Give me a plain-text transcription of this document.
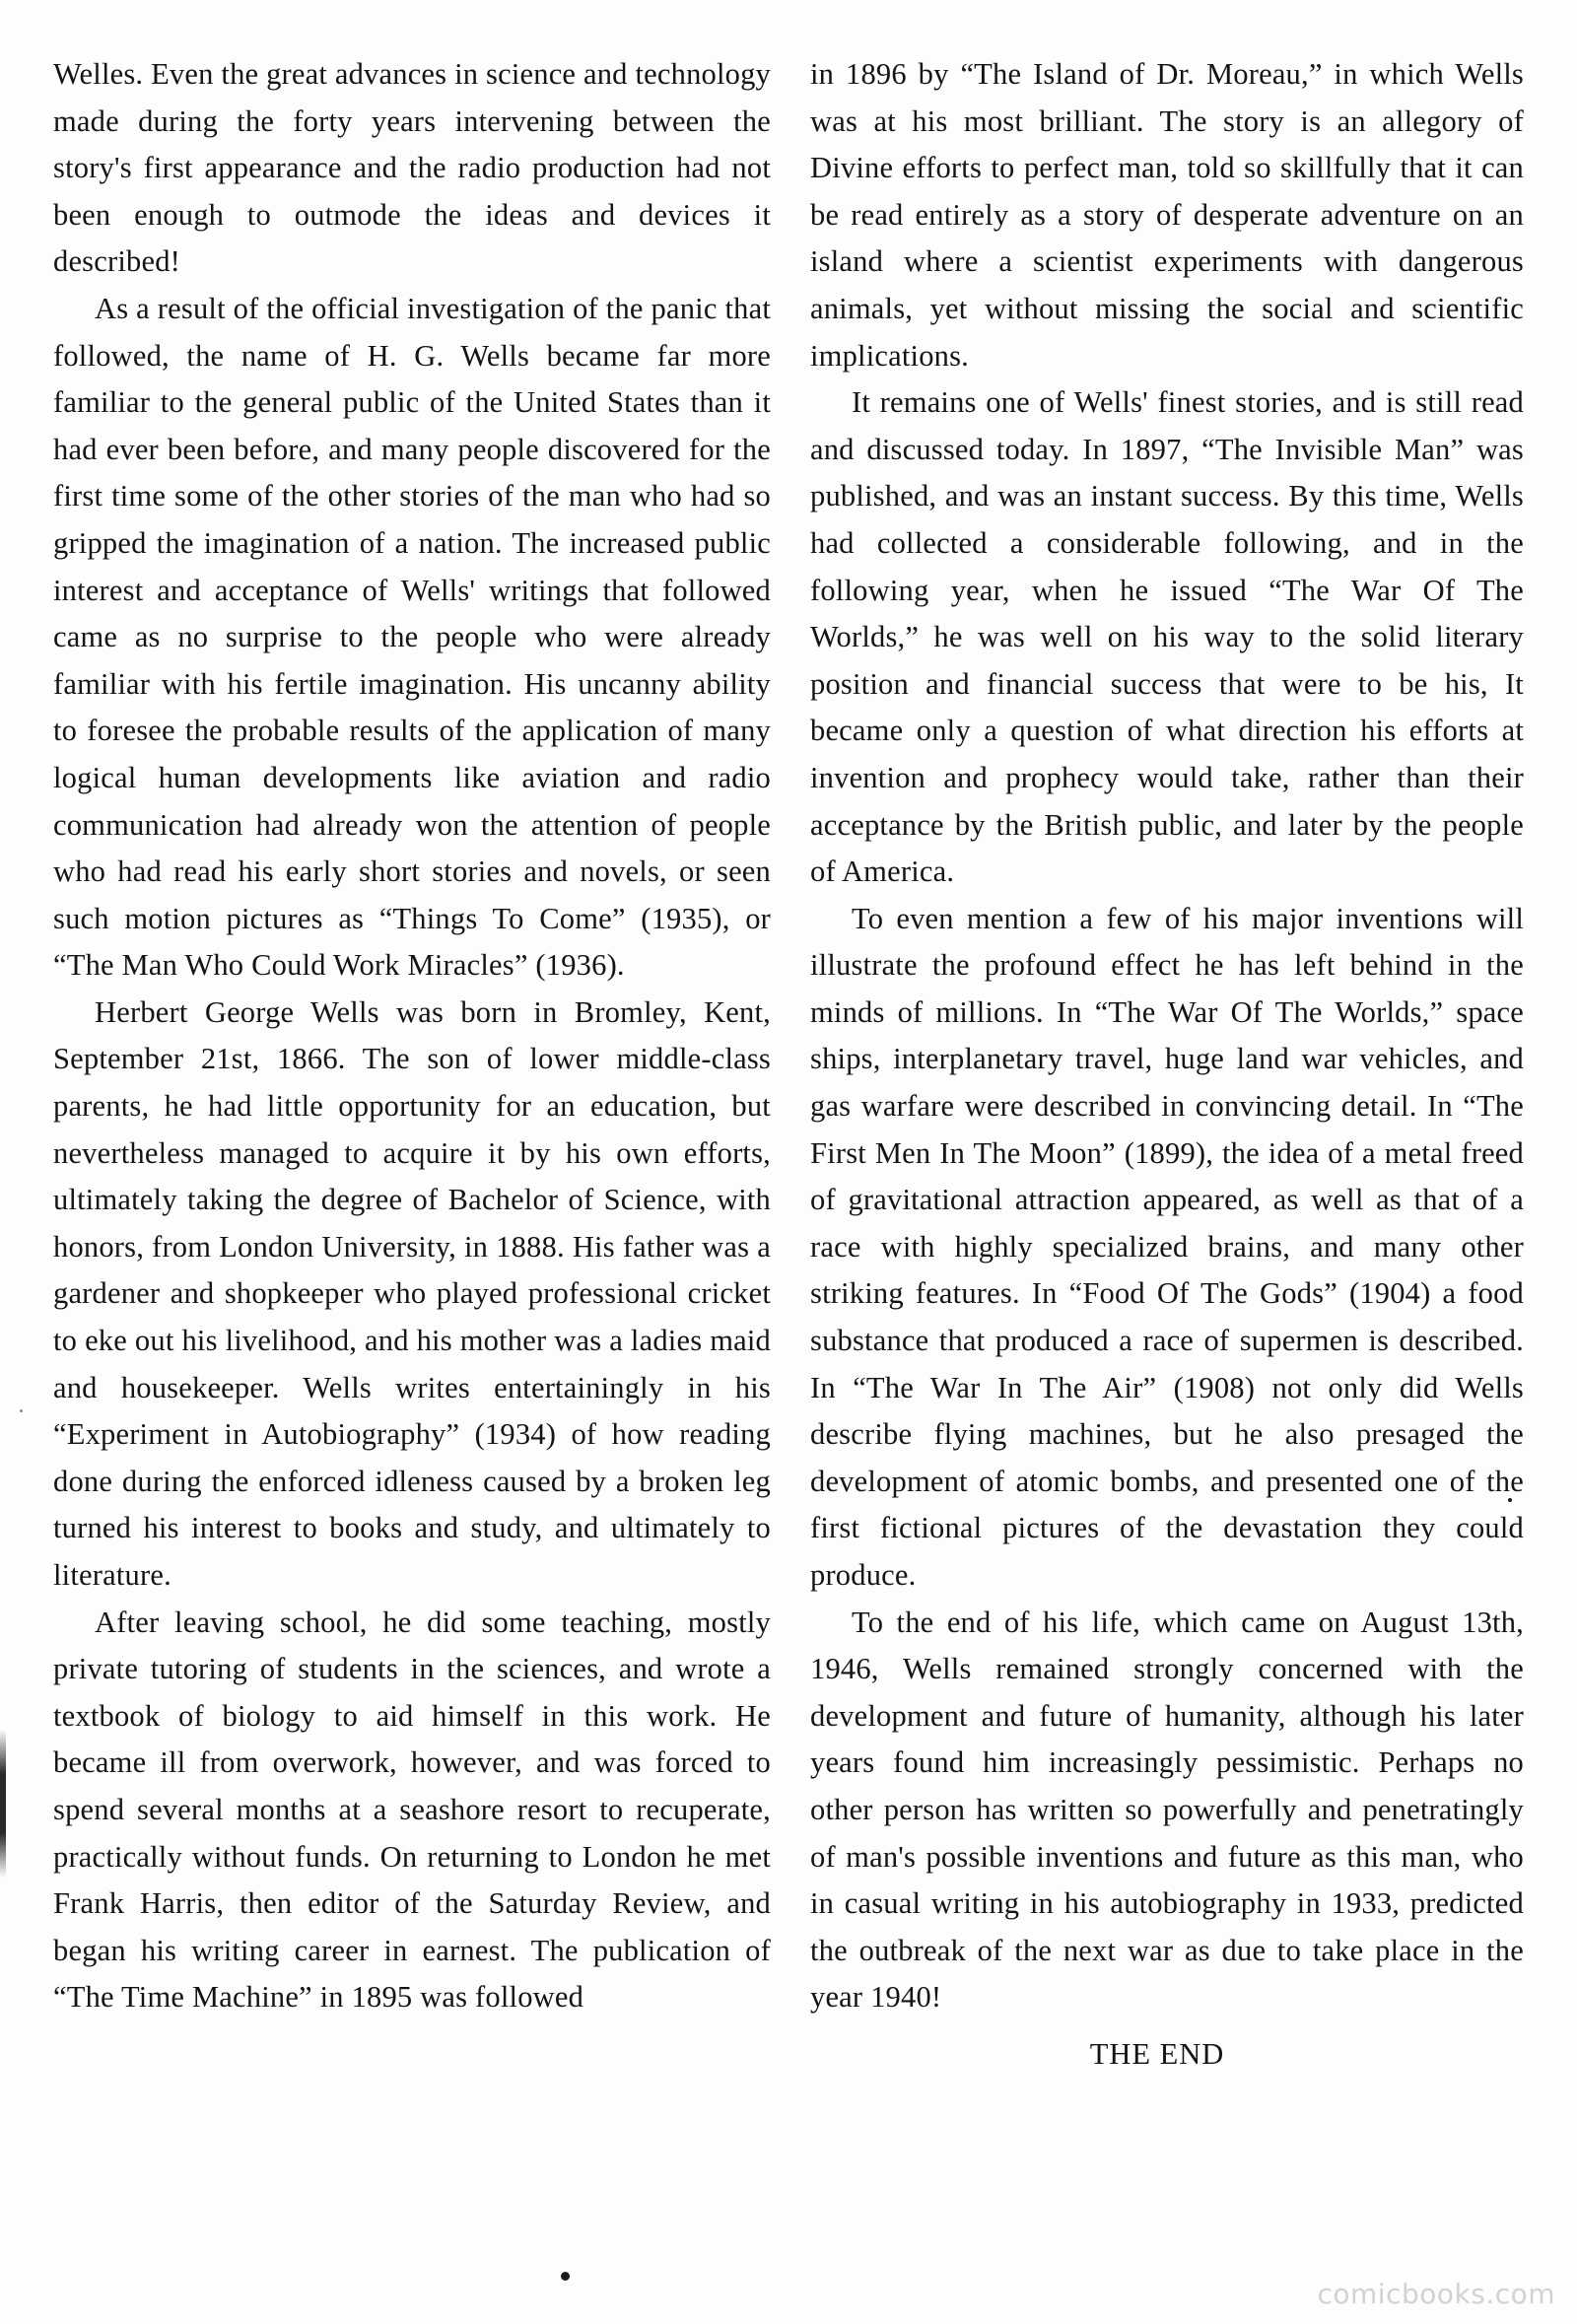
Welles. Even the great advances in science and technology made during the forty years intervening between the story's first appearance and the radio production had not been enough to outmode the ideas and devices it described!

As a result of the official investigation of the panic that followed, the name of H. G. Wells became far more familiar to the general public of the United States than it had ever been before, and many people discovered for the first time some of the other stories of the man who had so gripped the imagination of a nation. The increased public interest and acceptance of Wells' writings that followed came as no surprise to the people who were already familiar with his fertile imagination. His uncanny ability to foresee the probable results of the application of many logical human developments like aviation and radio communication had already won the attention of people who had read his early short stories and novels, or seen such motion pictures as “Things To Come” (1935), or “The Man Who Could Work Miracles” (1936).

Herbert George Wells was born in Bromley, Kent, September 21st, 1866. The son of lower middle-class parents, he had little opportunity for an education, but nevertheless managed to acquire it by his own efforts, ultimately taking the degree of Bachelor of Science, with honors, from London University, in 1888. His father was a gardener and shopkeeper who played professional cricket to eke out his livelihood, and his mother was a ladies maid and housekeeper. Wells writes entertainingly in his “Experiment in Autobiography” (1934) of how reading done during the enforced idleness caused by a broken leg turned his interest to books and study, and ultimately to literature.

After leaving school, he did some teaching, mostly private tutoring of students in the sciences, and wrote a textbook of biology to aid himself in this work. He became ill from overwork, however, and was forced to spend several months at a seashore resort to recuperate, practically without funds. On returning to London he met Frank Harris, then editor of the Saturday Review, and began his writing career in earnest. The publication of “The Time Machine” in 1895 was followed

in 1896 by “The Island of Dr. Moreau,” in which Wells was at his most brilliant. The story is an allegory of Divine efforts to perfect man, told so skillfully that it can be read entirely as a story of desperate adventure on an island where a scientist experiments with dangerous animals, yet without missing the social and scientific implications.

It remains one of Wells' finest stories, and is still read and discussed today. In 1897, “The Invisible Man” was published, and was an instant success. By this time, Wells had collected a considerable following, and in the following year, when he issued “The War Of The Worlds,” he was well on his way to the solid literary position and financial success that were to be his, It became only a question of what direction his efforts at invention and prophecy would take, rather than their acceptance by the British public, and later by the people of America.

To even mention a few of his major inventions will illustrate the profound effect he has left behind in the minds of millions. In “The War Of The Worlds,” space ships, interplanetary travel, huge land war vehicles, and gas warfare were described in convincing detail. In “The First Men In The Moon” (1899), the idea of a metal freed of gravitational attraction appeared, as well as that of a race with highly specialized brains, and many other striking features. In “Food Of The Gods” (1904) a food substance that produced a race of supermen is described. In “The War In The Air” (1908) not only did Wells describe flying machines, but he also presaged the development of atomic bombs, and presented one of the first fictional pictures of the devastation they could produce.

To the end of his life, which came on August 13th, 1946, Wells remained strongly concerned with the development and future of humanity, although his later years found him increasingly pessimistic. Perhaps no other person has written so powerfully and penetratingly of man's possible inventions and future as this man, who in casual writing in his autobiography in 1933, predicted the outbreak of the next war as due to take place in the year 1940!

THE END
comicbooks.com
